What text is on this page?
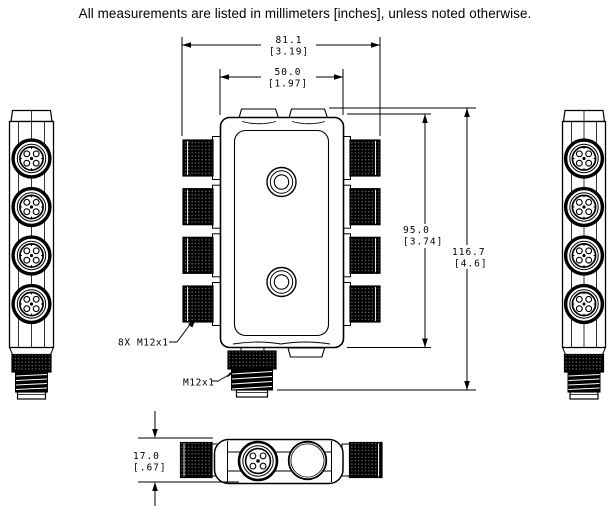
All measurements are listed in millimeters [inches], unless noted otherwise.
81.1
[3.19]
50.0
[1.97]
95.0
[3.74]
116.7
[4.6]
17.0
[.67]
8X M12x1
M12x1
